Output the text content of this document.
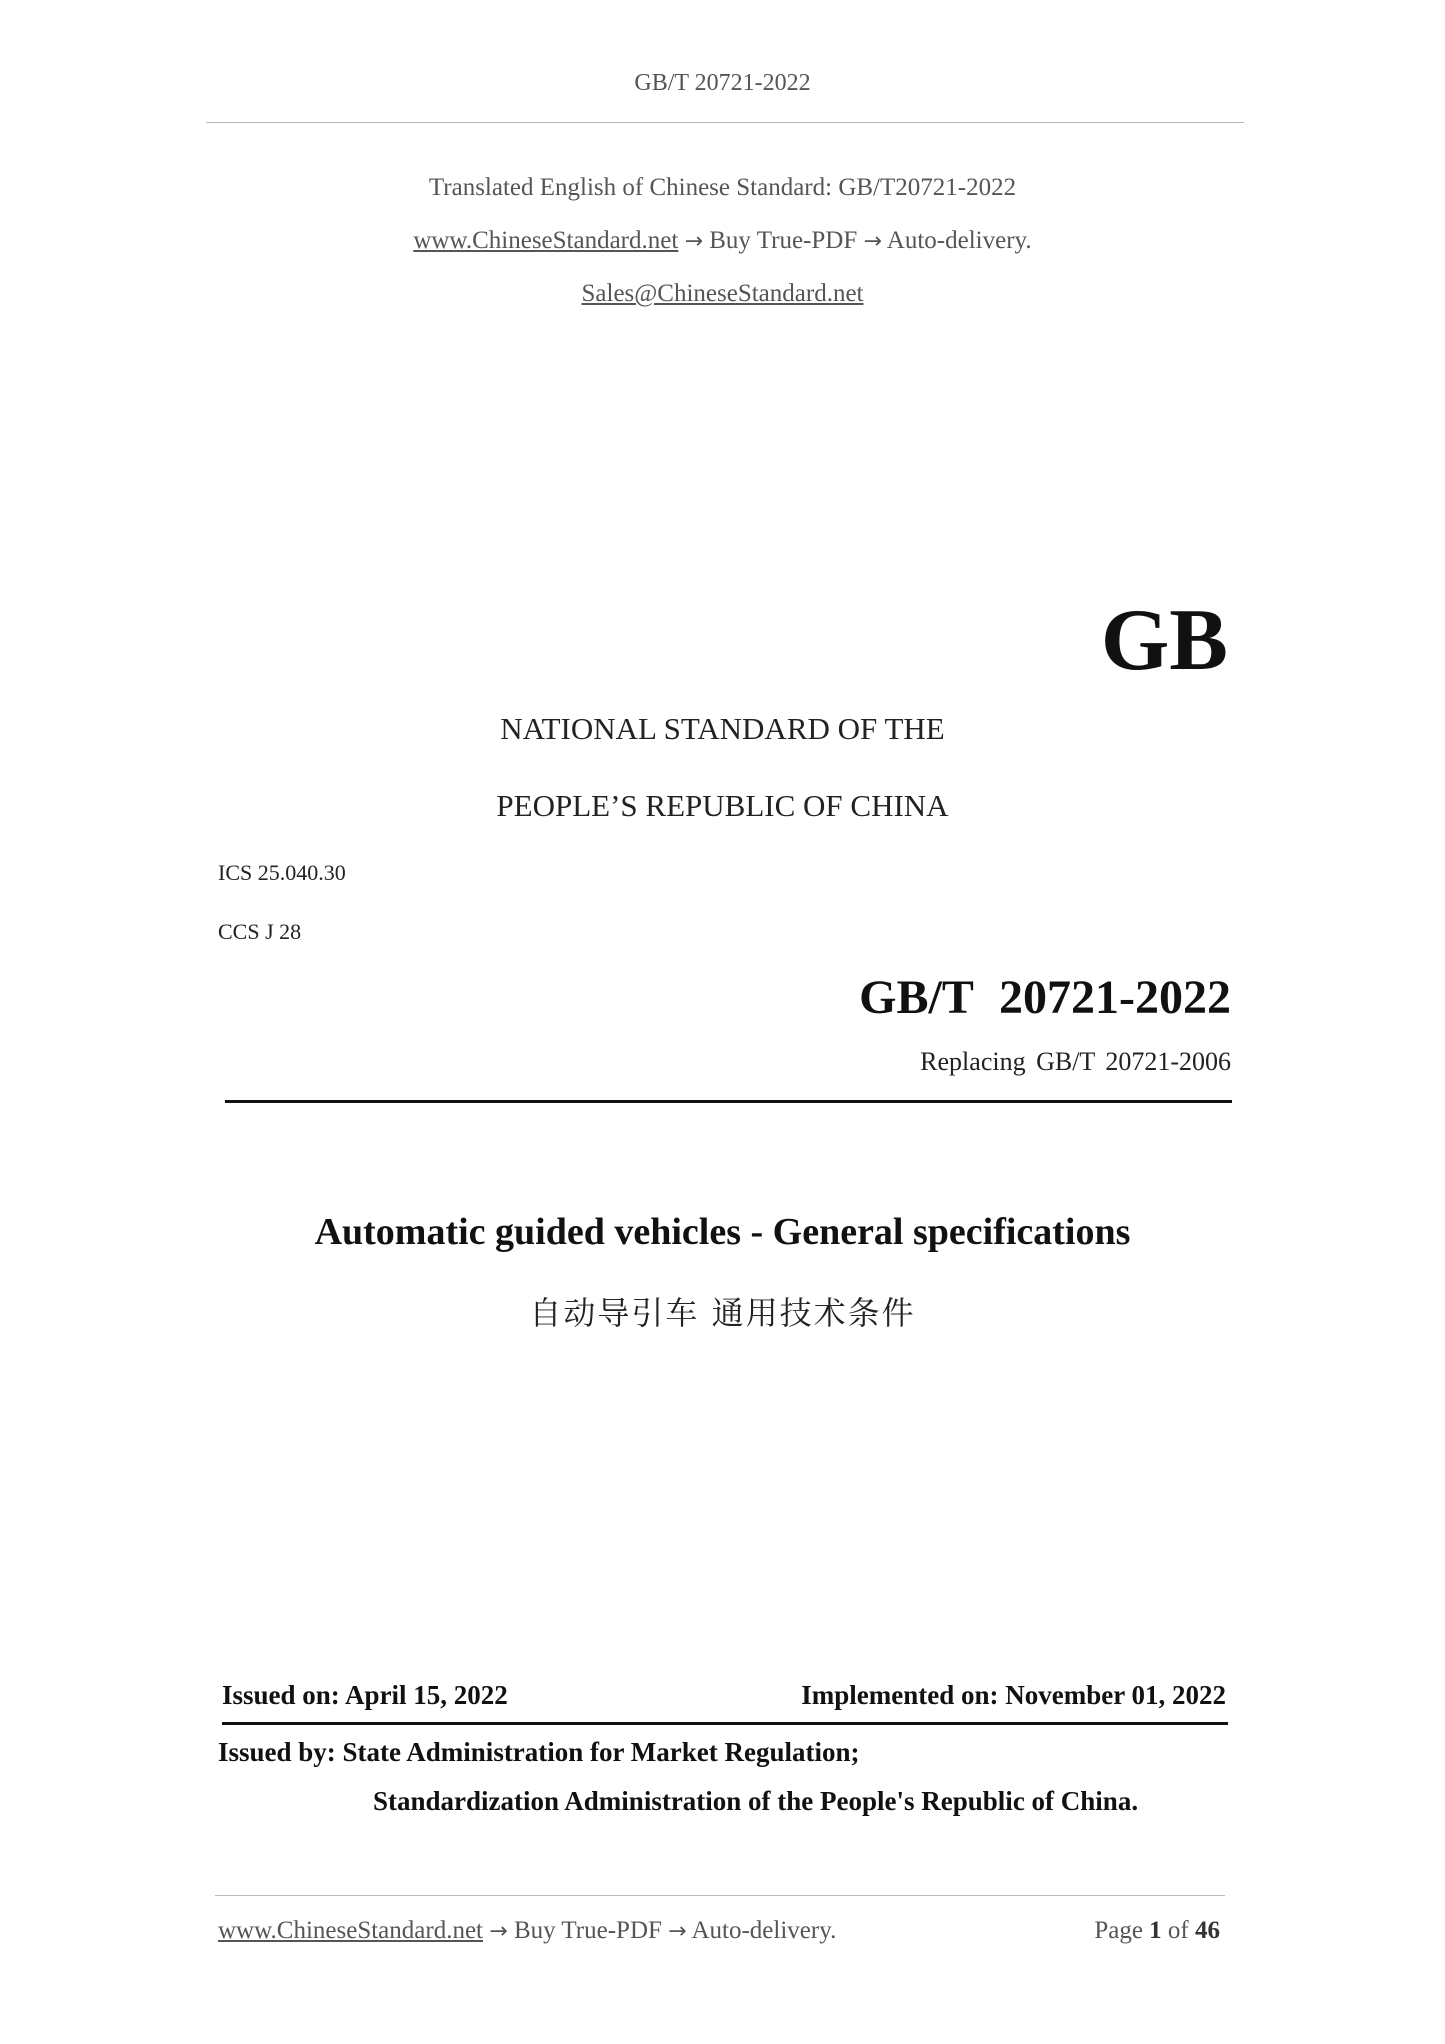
GB/T 20721-2022
Translated English of Chinese Standard: GB/T20721-2022
www.ChineseStandard.net → Buy True-PDF → Auto-delivery.
Sales@ChineseStandard.net
GB
NATIONAL STANDARD OF THE
PEOPLE’S REPUBLIC OF CHINA
ICS 25.040.30
CCS J 28
GB/T 20721-2022
Replacing GB/T 20721-2006
Automatic guided vehicles - General specifications
自动导引车 通用技术条件
Issued on: April 15, 2022	Implemented on: November 01, 2022
Issued by: State Administration for Market Regulation;
Standardization Administration of the People's Republic of China.
www.ChineseStandard.net → Buy True-PDF → Auto-delivery.	Page 1 of 46
